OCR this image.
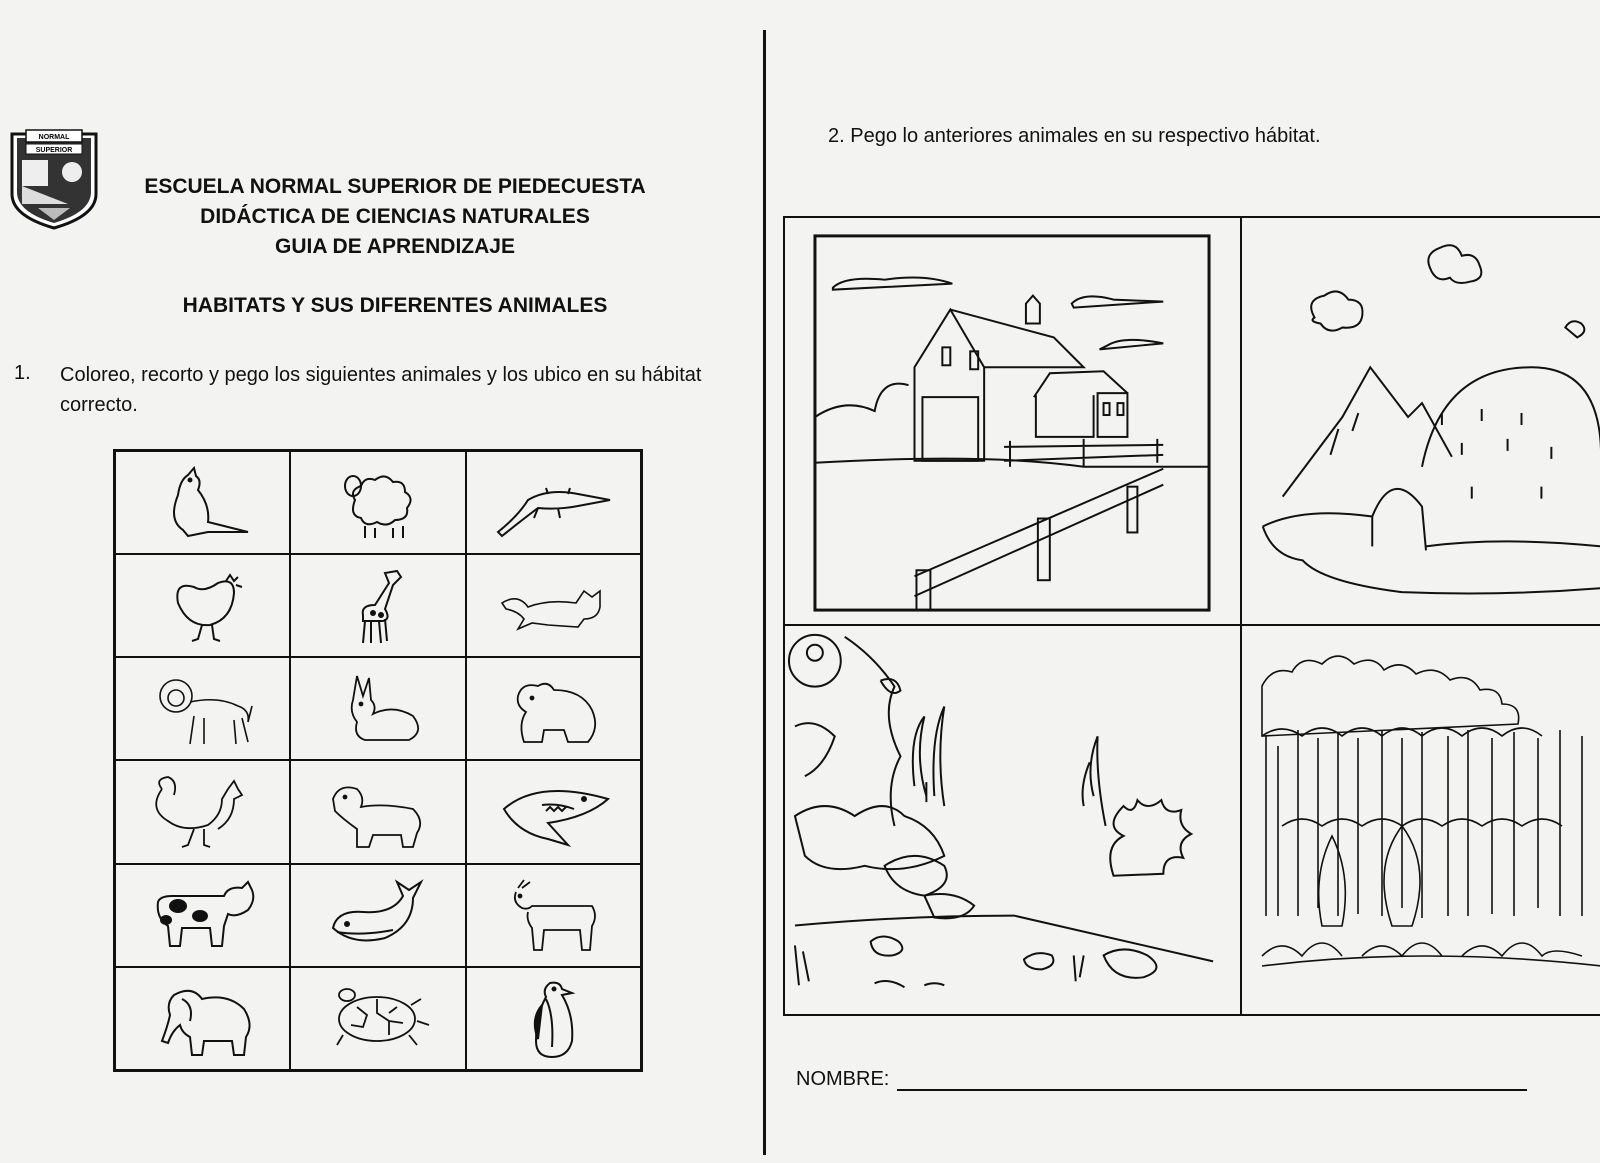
NORMAL
SUPERIOR
ESCUELA NORMAL SUPERIOR DE PIEDECUESTA
DIDÁCTICA DE CIENCIAS NATURALES
GUIA DE APRENDIZAJE
HABITATS Y SUS DIFERENTES ANIMALES
1. Coloreo, recorto y pego los siguientes animales y los ubico en su hábitat correcto.
2. Pego lo anteriores animales en su respectivo hábitat.
NOMBRE:
